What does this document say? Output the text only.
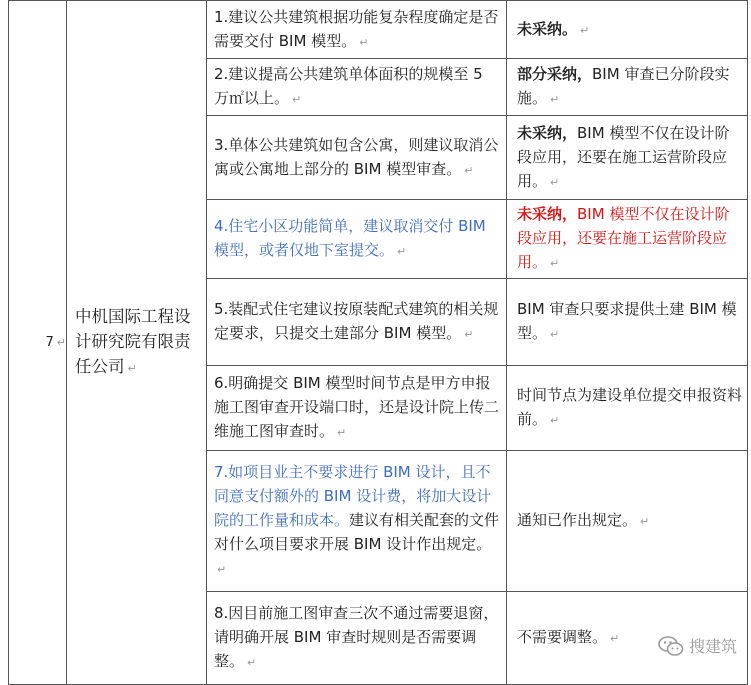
7 ↵	中机国际工程设计研究院有限责任公司 ↵	1.建议公共建筑根据功能复杂程度确定是否需要交付 BIM 模型。 ↵	未采纳。 ↵
		2.建议提高公共建筑单体面积的规模至 5 万㎡以上。 ↵	部分采纳，BIM 审查已分阶段实施。 ↵
		3.单体公共建筑如包含公寓，则建议取消公寓或公寓地上部分的 BIM 模型审查。 ↵	未采纳，BIM 模型不仅在设计阶段应用，还要在施工运营阶段应用。 ↵
		4.住宅小区功能简单，建议取消交付 BIM 模型，或者仅地下室提交。 ↵	未采纳，BIM 模型不仅在设计阶段应用，还要在施工运营阶段应用。 ↵
		5.装配式住宅建议按原装配式建筑的相关规定要求，只提交土建部分 BIM 模型。 ↵	BIM 审查只要求提供土建 BIM 模型。 ↵
		6.明确提交 BIM 模型时间节点是甲方申报施工图审查开设端口时，还是设计院上传二维施工图审查时。 ↵	时间节点为建设单位提交申报资料前。 ↵
		7.如项目业主不要求进行 BIM 设计，且不同意支付额外的 BIM 设计费，将加大设计院的工作量和成本。建议有相关配套的文件对什么项目要求开展 BIM 设计作出规定。↵	通知已作出规定。 ↵
		8.因目前施工图审查三次不通过需要退窗，请明确开展 BIM 审查时规则是否需要调整。 ↵	不需要调整。 ↵	搜建筑
